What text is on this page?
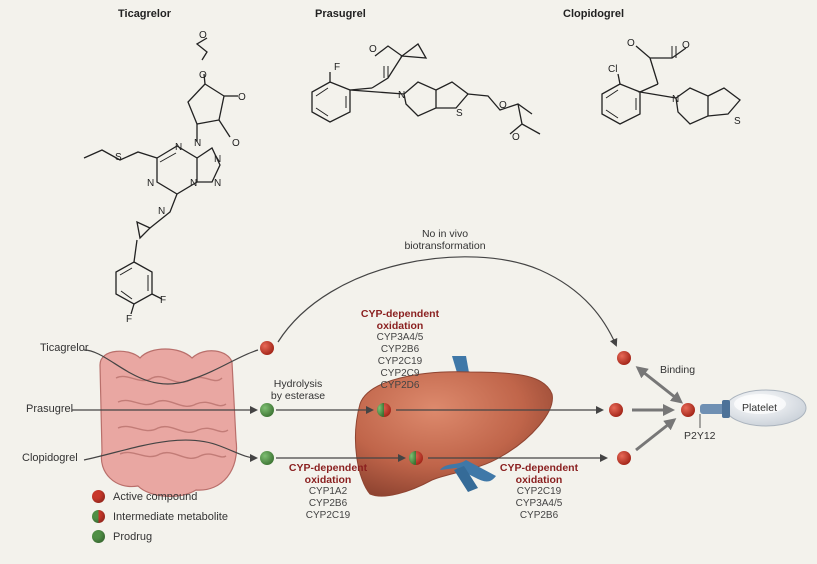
O
O
O
O
N
N
N
N
N	N
S
N
F
F
O
F
N
S
O
O
O	O
Cl
N
S
Ticagrelor	Prasugrel	Clopidogrel
Ticagrelor
Prasugrel
Clopidogrel
No in vivo
biotransformation
Hydrolysis
by esterase
CYP-dependent
oxidation
CYP3A4/5
CYP2B6
CYP2C19
CYP2C9
CYP2D6
CYP-dependent
oxidation
CYP1A2
CYP2B6
CYP2C19
CYP-dependent
oxidation
CYP2C19
CYP3A4/5
CYP2B6
Binding
Platelet
P2Y12
Active compound
Intermediate metabolite
Prodrug
